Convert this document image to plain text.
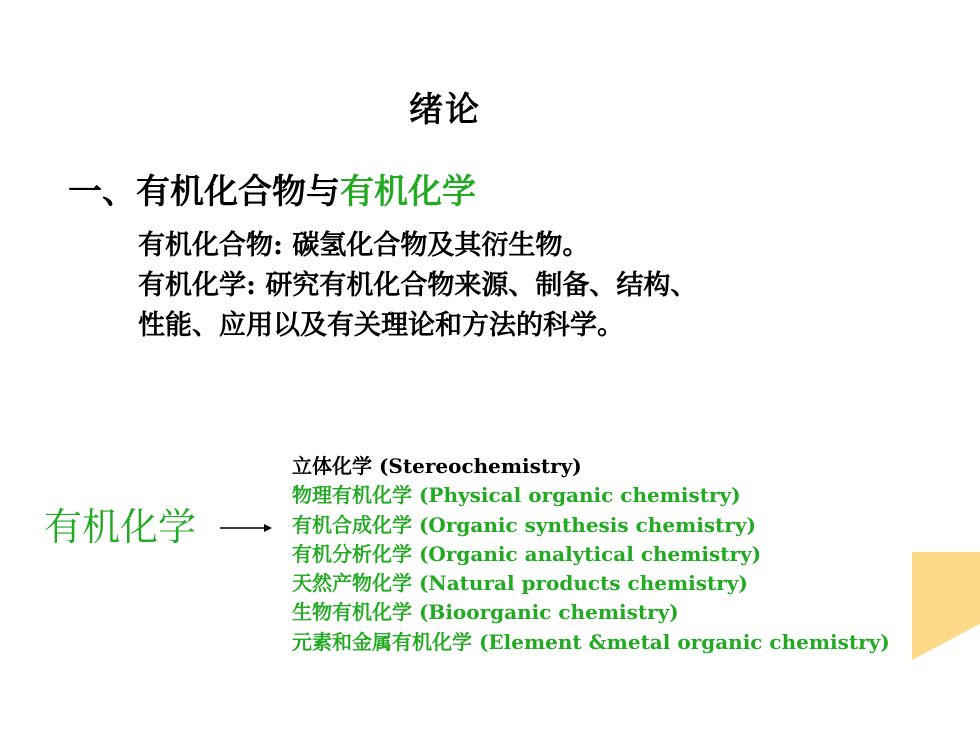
绪论
一、有机化合物与有机化学
有机化合物: 碳氢化合物及其衍生物。
有机化学: 研究有机化合物来源、制备、结构、
性能、应用以及有关理论和方法的科学。
有机化学
立体化学 (Stereochemistry)
物理有机化学 (Physical organic chemistry)
有机合成化学 (Organic synthesis chemistry)
有机分析化学 (Organic analytical chemistry)
天然产物化学 (Natural products chemistry)
生物有机化学 (Bioorganic chemistry)
元素和金属有机化学 (Element &metal organic chemistry)
